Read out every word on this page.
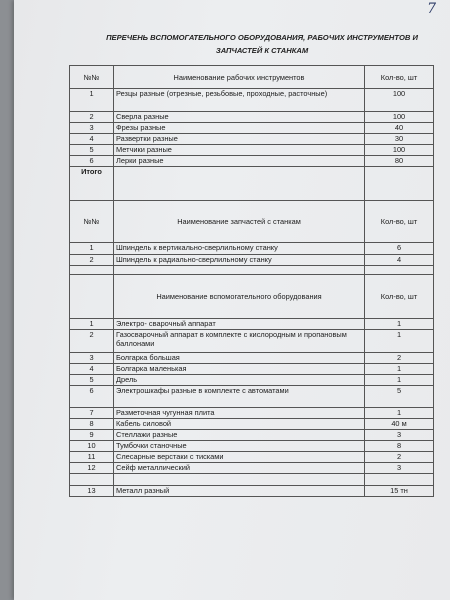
7
ПЕРЕЧЕНЬ ВСПОМОГАТЕЛЬНОГО ОБОРУДОВАНИЯ, РАБОЧИХ ИНСТРУМЕНТОВ И
ЗАПЧАСТЕЙ К СТАНКАМ
№№	Наименование рабочих инструментов	Кол-во, шт
1	Резцы разные (отрезные, резьбовые, проходные, расточные)	100
2	Сверла разные	100
3	Фрезы разные	40
4	Развертки разные	30
5	Метчики разные	100
6	Лерки разные	80
Итого		
№№	Наименование запчастей с станкам	Кол-во, шт
1	Шпиндель к вертикально-сверлильному станку	6
2	Шпиндель к радиально-сверлильному станку	4

	Наименование вспомогательного оборудования	Кол-во, шт
1	Электро- сварочный аппарат	1
2	Газосварочный аппарат в комплекте с кислородным и пропановым баллонами	1
3	Болгарка большая	2
4	Болгарка маленькая	1
5	Дрель	1
6	Электрошкафы разные в комплекте с автоматами	5
7	Разметочная чугунная плита	1
8	Кабель силовой	40 м
9	Стеллажи разные	3
10	Тумбочки станочные	8
11	Слесарные верстаки с тисками	2
12	Сейф металлический	3

13	Металл разный	15 тн
